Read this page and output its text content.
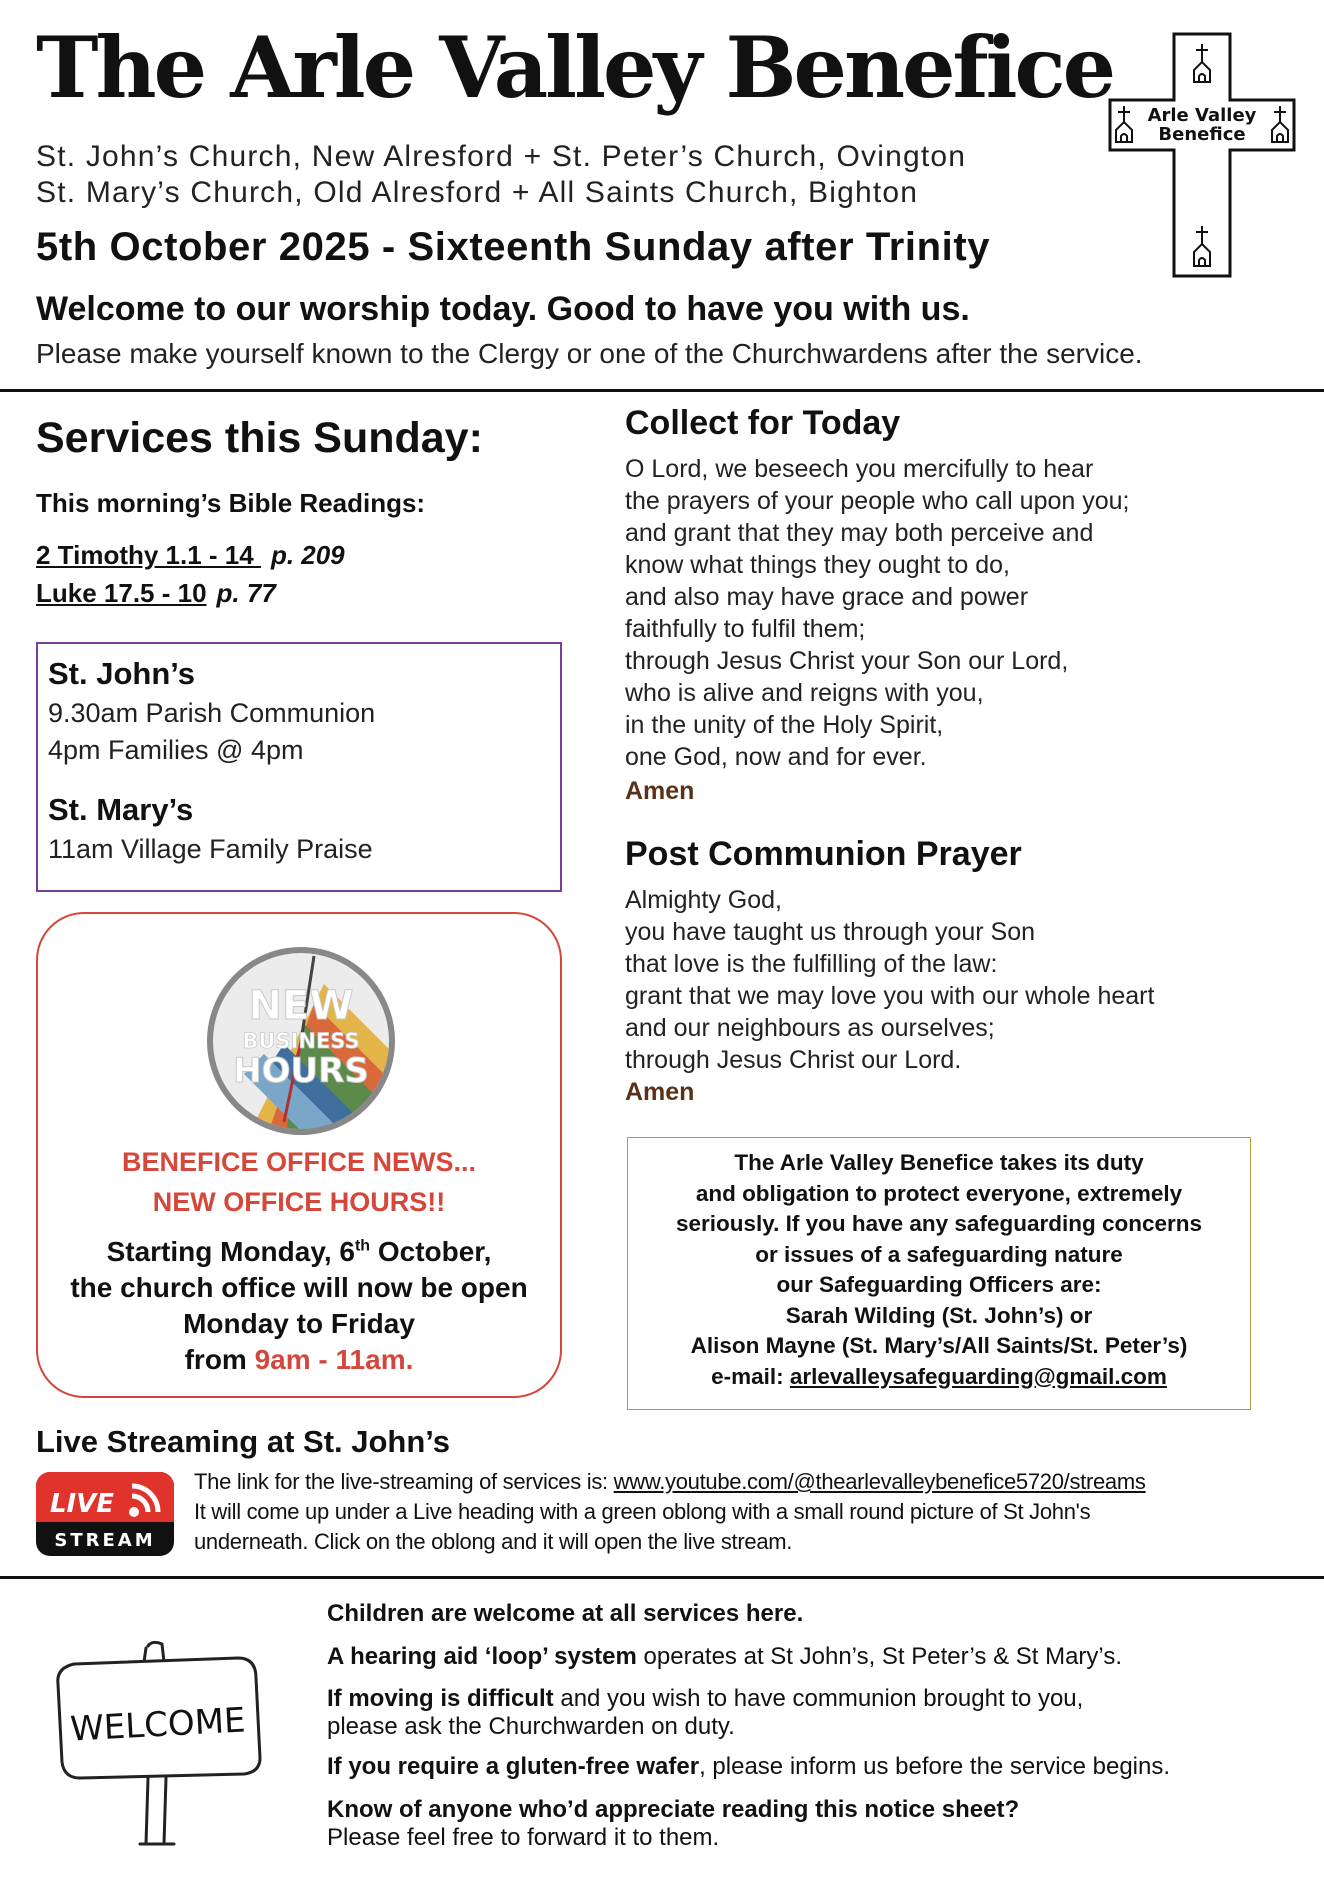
The Arle Valley Benefice
St. John’s Church, New Alresford + St. Peter’s Church, Ovington
St. Mary’s Church, Old Alresford + All Saints Church, Bighton
5th October 2025 - Sixteenth Sunday after Trinity
Welcome to our worship today. Good to have you with us.
Please make yourself known to the Clergy or one of the Churchwardens after the service.
Arle Valley
Benefice
Services this Sunday:
This morning’s Bible Readings:
2 Timothy 1.1 - 14 p. 209
Luke 17.5 - 10 p. 77
St. John’s
9.30am Parish Communion
4pm Families @ 4pm
St. Mary’s
11am Village Family Praise
NEW
BUSINESS
HOURS
BENEFICE OFFICE NEWS...
NEW OFFICE HOURS!!
Starting Monday, 6th October,
the church office will now be open
Monday to Friday
from 9am - 11am.
Collect for Today
O Lord, we beseech you mercifully to hear
the prayers of your people who call upon you;
and grant that they may both perceive and
know what things they ought to do,
and also may have grace and power
faithfully to fulfil them;
through Jesus Christ your Son our Lord,
who is alive and reigns with you,
in the unity of the Holy Spirit,
one God, now and for ever.
Amen
Post Communion Prayer
Almighty God,
you have taught us through your Son
that love is the fulfilling of the law:
grant that we may love you with our whole heart
and our neighbours as ourselves;
through Jesus Christ our Lord.
Amen
The Arle Valley Benefice takes its duty
and obligation to protect everyone, extremely
seriously. If you have any safeguarding concerns
or issues of a safeguarding nature
our Safeguarding Officers are:
Sarah Wilding (St. John’s) or
Alison Mayne (St. Mary’s/All Saints/St. Peter’s)
e-mail: arlevalleysafeguarding@gmail.com
Live Streaming at St. John’s
LIVE
STREAM
The link for the live-streaming of services is: www.youtube.com/@thearlevalleybenefice5720/streams
It will come up under a Live heading with a green oblong with a small round picture of St John's
underneath. Click on the oblong and it will open the live stream.
WELCOME
Children are welcome at all services here.
A hearing aid ‘loop’ system operates at St John’s, St Peter’s & St Mary’s.
If moving is difficult and you wish to have communion brought to you,
please ask the Churchwarden on duty.
If you require a gluten-free wafer, please inform us before the service begins.
Know of anyone who’d appreciate reading this notice sheet?
Please feel free to forward it to them.
